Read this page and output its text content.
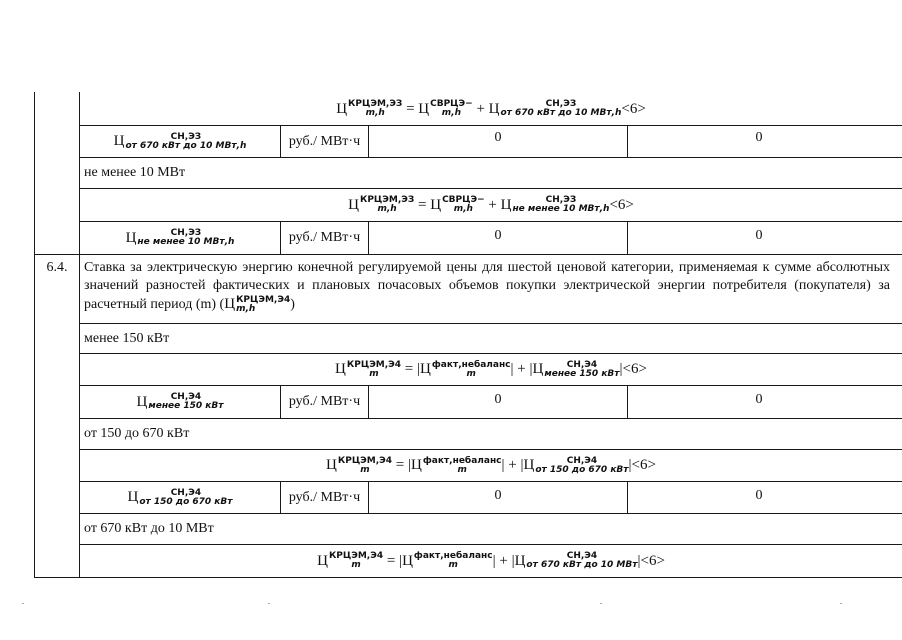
Ц КРЦЭМ,ЭЗ
m,h
	=
Ц СВРЦЭ−
m,h
	+
Ц	СН,ЭЗ
от 670 кВт до 10 МВт,h <6>
Ц	СН,ЭЗ
от 670 кВт до 10 МВт,h	руб./ МВт·ч	0	0
не менее 10 МВт
Ц КРЦЭМ,ЭЗ
m,h
	=
Ц СВРЦЭ−
m,h
	+
Ц	СН,ЭЗ
не менее 10 МВт,h <6>
Ц	СН,ЭЗ
не менее 10 МВт,h	руб./ МВт·ч	0	0
6.4.	Ставка за электрическую энергию конечной регулируемой цены для шестой ценовой категории, применяемая к сумме абсолютных значений разностей фактических и плановых почасовых объемов покупки электрической энергии потребителя (покупателя) за расчетный период (m) (Ц КРЦЭМ,Э4
m,h	)
менее 150 кВт
Ц КРЦЭМ,Э4
m
	=
| Ц факт,небаланс
m	|
+
| Ц	СН,Э4
менее 150 кВт | <6>
Ц	СН,Э4
менее 150 кВт	руб./ МВт·ч	0	0
от 150 до 670 кВт
Ц КРЦЭМ,Э4
m
	=
| Ц факт,небаланс
m	|
+
| Ц	СН,Э4
от 150 до 670 кВт | <6>
Ц	СН,Э4
от 150 до 670 кВт	руб./ МВт·ч	0	0
от 670 кВт до 10 МВт
Ц КРЦЭМ,Э4
m
	=
| Ц факт,небаланс
m	|
+
| Ц	СН,Э4
от 670 кВт до 10 МВт | <6>
